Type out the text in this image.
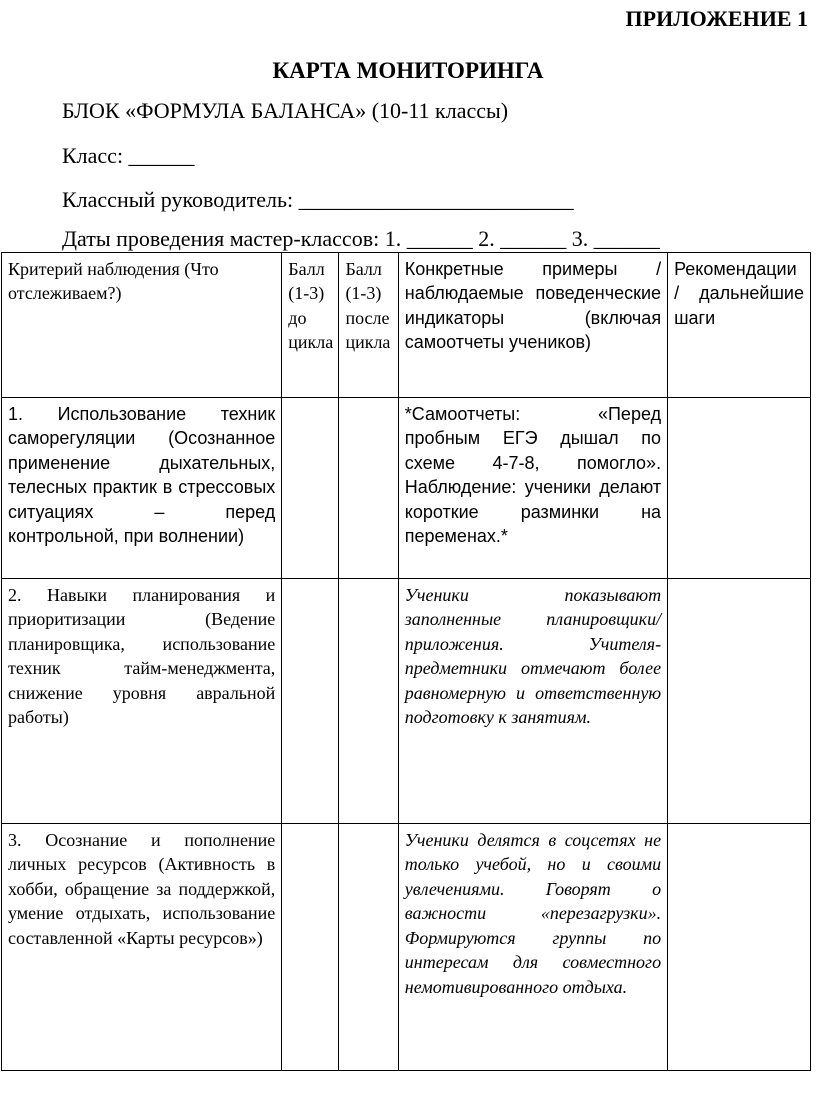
ПРИЛОЖЕНИЕ 1
КАРТА МОНИТОРИНГА
БЛОК «ФОРМУЛА БАЛАНСА» (10-11 классы)
Класс: ______
Классный руководитель: _________________________
Даты проведения мастер-классов: 1. ______ 2. ______ 3. ______
Критерий наблюдения (Что отслеживаем?)	Балл (1-3) до цикла	Балл (1-3) после цикла	Конкретные примеры / наблюдаемые поведенческие индикаторы (включая самоотчеты учеников)	Рекомендации / дальнейшие шаги
1. Использование техник саморегуляции (Осознанное применение дыхательных, телесных практик в стрессовых ситуациях – перед контрольной, при волнении)			*Самоотчеты: «Перед пробным ЕГЭ дышал по схеме 4-7-8, помогло». Наблюдение: ученики делают короткие разминки на переменах.*	
2. Навыки планирования и приоритизации (Ведение планировщика, использование техник тайм-менеджмента, снижение уровня авральной работы)			Ученики показывают заполненные планировщики/приложения. Учителя-предметники отмечают более равномерную и ответственную подготовку к занятиям.	
3. Осознание и пополнение личных ресурсов (Активность в хобби, обращение за поддержкой, умение отдыхать, использование составленной «Карты ресурсов»)			Ученики делятся в соцсетях не только учебой, но и своими увлечениями. Говорят о важности «перезагрузки». Формируются группы по интересам для совместного немотивированного отдыха.	
